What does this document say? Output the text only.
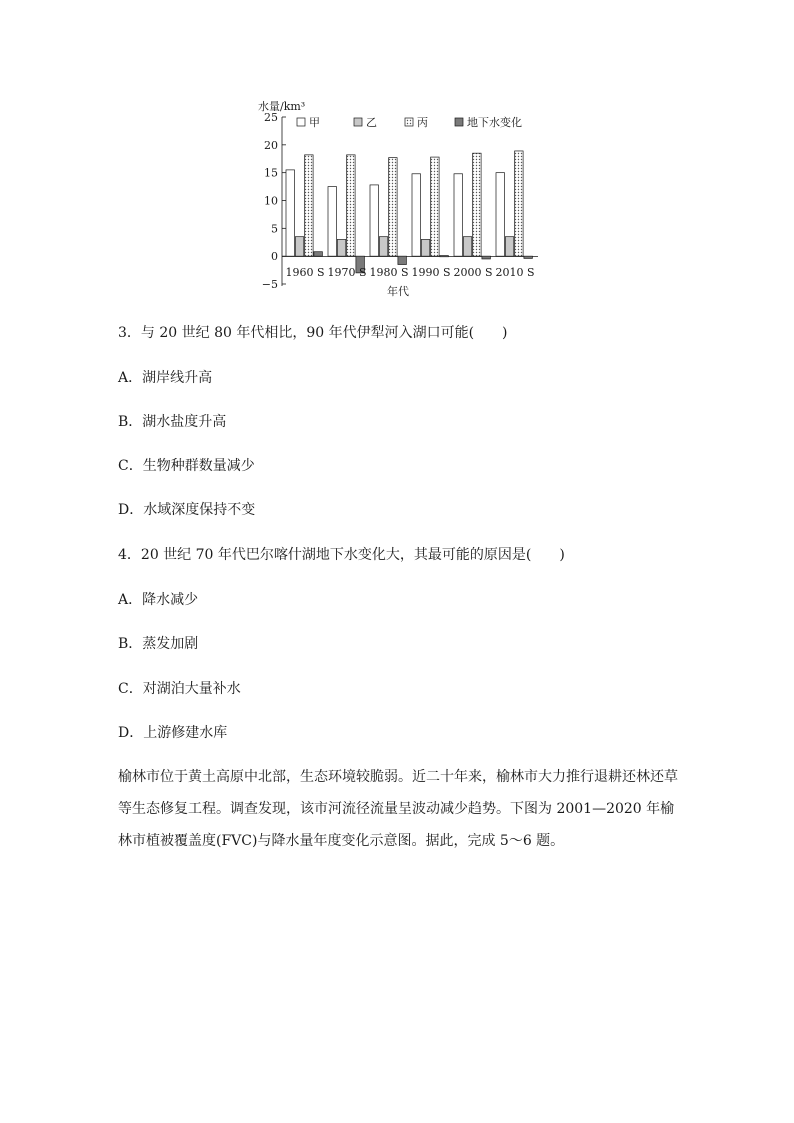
水量/km³
25
20
15
10
5
0
−5
1960 S 1970 S 1980 S 1990 S 2000 S 2010 S
甲	乙	丙	地下水变化
年代
3．与 20 世纪 80 年代相比，90 年代伊犁河入湖口可能(　　)
A．湖岸线升高
B．湖水盐度升高
C．生物种群数量减少
D．水域深度保持不变
4．20 世纪 70 年代巴尔喀什湖地下水变化大，其最可能的原因是(　　)
A．降水减少
B．蒸发加剧
C．对湖泊大量补水
D．上游修建水库
榆林市位于黄土高原中北部，生态环境较脆弱。近二十年来，榆林市大力推行退耕还林还草等生态修复工程。调查发现，该市河流径流量呈波动减少趋势。下图为 2001—2020 年榆林市植被覆盖度(FVC)与降水量年度变化示意图。据此，完成 5～6 题。
